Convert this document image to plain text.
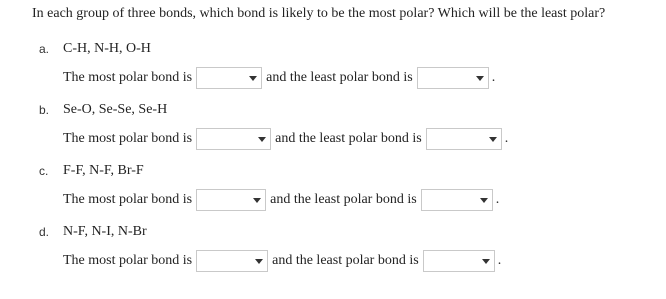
In each group of three bonds, which bond is likely to be the most polar? Which will be the least polar?
a. C-H, N-H, O-H
The most polar bond is	and the least polar bond is	.
b. Se-O, Se-Se, Se-H
The most polar bond is	and the least polar bond is	.
c. F-F, N-F, Br-F
The most polar bond is	and the least polar bond is	.
d. N-F, N-I, N-Br
The most polar bond is	and the least polar bond is	.
